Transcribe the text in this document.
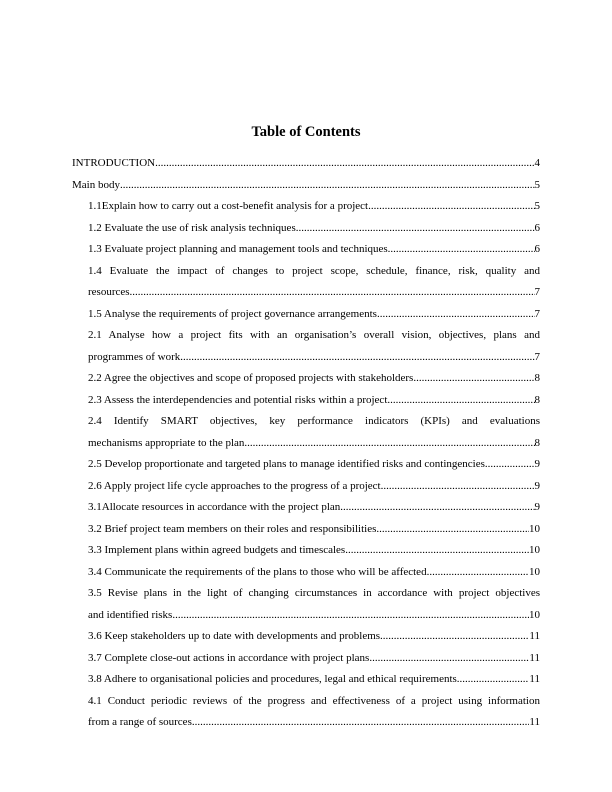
Table of Contents
INTRODUCTION .....	4
Main body .....	5
1.1Explain how to carry out a cost-benefit analysis for a project .....	5
1.2 Evaluate the use of risk analysis techniques .....	6
1.3 Evaluate project planning and management tools and techniques .....	6
1.4 Evaluate the impact of changes to project scope, schedule, finance, risk, quality and
resources .....	7
1.5 Analyse the requirements of project governance arrangements .....	7
2.1 Analyse how a project fits with an organisation’s overall vision, objectives, plans and
programmes of work .....	7
2.2 Agree the objectives and scope of proposed projects with stakeholders .....	8
2.3 Assess the interdependencies and potential risks within a project .....	8
2.4 Identify SMART objectives, key performance indicators (KPIs) and evaluations
mechanisms appropriate to the plan .....	8
2.5 Develop proportionate and targeted plans to manage identified risks and contingencies .....	9
2.6 Apply project life cycle approaches to the progress of a project .....	9
3.1Allocate resources in accordance with the project plan .....	9
3.2 Brief project team members on their roles and responsibilities .....	10
3.3 Implement plans within agreed budgets and timescales .....	10
3.4 Communicate the requirements of the plans to those who will be affected .....	10
3.5 Revise plans in the light of changing circumstances in accordance with project objectives
and identified risks .....	10
3.6 Keep stakeholders up to date with developments and problems .....	11
3.7 Complete close-out actions in accordance with project plans .....	11
3.8 Adhere to organisational policies and procedures, legal and ethical requirements .....	11
4.1 Conduct periodic reviews of the progress and effectiveness of a project using information
from a range of sources .....	11
